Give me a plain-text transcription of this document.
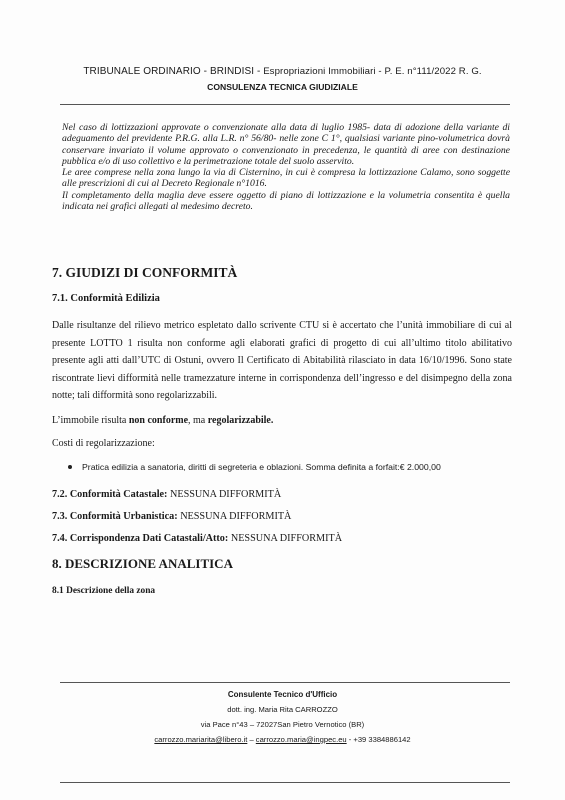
TRIBUNALE ORDINARIO - BRINDISI - Espropriazioni Immobiliari - P. E. n°111/2022 R. G.
CONSULENZA TECNICA GIUDIZIALE

Nel caso di lottizzazioni approvate o convenzionate alla data di luglio 1985- data di adozione della variante di adeguamento del previdente P.R.G. alla L.R. n° 56/80- nelle zone C 1°, qualsiasi variante pino-volumetrica dovrà conservare invariato il volume approvato o convenzionato in precedenza, le quantità di aree con destinazione pubblica e/o di uso collettivo e la perimetrazione totale del suolo asservito.

Le aree comprese nella zona lungo la via di Cisternino, in cui è compresa la lottizzazione Calamo, sono soggette alle prescrizioni di cui al Decreto Regionale n°1016.

Il completamento della maglia deve essere oggetto di piano di lottizzazione e la volumetria consentita è quella indicata nei grafici allegati al medesimo decreto.

7. GIUDIZI DI CONFORMITÀ
7.1. Conformità Edilizia

Dalle risultanze del rilievo metrico espletato dallo scrivente CTU si è accertato che l’unità immobiliare di cui al presente LOTTO 1 risulta non conforme agli elaborati grafici di progetto di cui all’ultimo titolo abilitativo presente agli atti dall’UTC di Ostuni, ovvero Il Certificato di Abitabilità rilasciato in data 16/10/1996. Sono state riscontrate lievi difformità nelle tramezzature interne in corrispondenza dell’ingresso e del disimpegno della zona notte; tali difformità sono regolarizzabili.

L’immobile risulta non conforme, ma regolarizzabile.
Costi di regolarizzazione:
Pratica edilizia a sanatoria, diritti di segreteria e oblazioni. Somma definita a forfait:€ 2.000,00
7.2. Conformità Catastale: NESSUNA DIFFORMITÀ
7.3. Conformità Urbanistica: NESSUNA DIFFORMITÀ
7.4. Corrispondenza Dati Catastali/Atto: NESSUNA DIFFORMITÀ
8. DESCRIZIONE ANALITICA
8.1 Descrizione della zona
Consulente Tecnico d'Ufficio
dott. ing. Maria Rita CARROZZO
via Pace n°43 – 72027San Pietro Vernotico (BR)
carrozzo.mariarita@libero.it – carrozzo.maria@ingpec.eu - +39 3384886142
